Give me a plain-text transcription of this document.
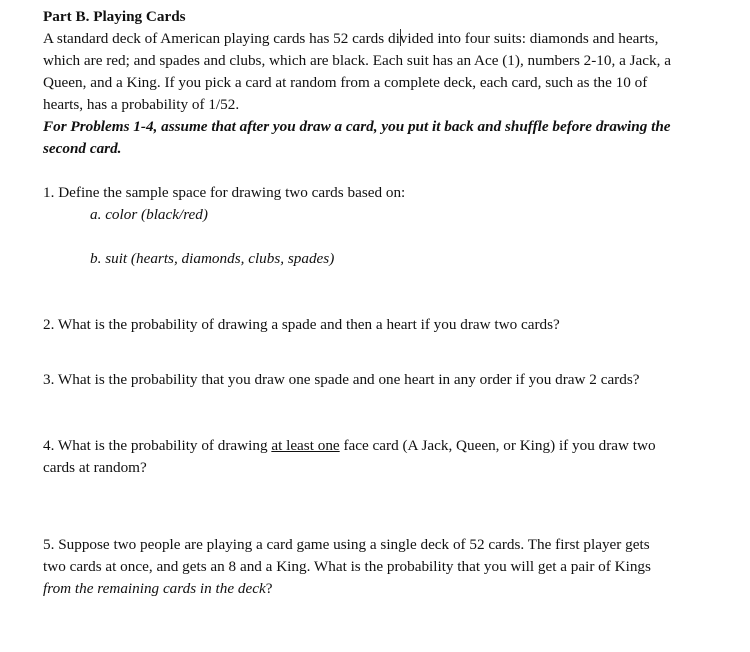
Part B. Playing Cards

A standard deck of American playing cards has 52 cards divided into four suits: diamonds and hearts, which are red; and spades and clubs, which are black. Each suit has an Ace (1), numbers 2-10, a Jack, a Queen, and a King. If you pick a card at random from a complete deck, each card, such as the 10 of hearts, has a probability of 1/52.

For Problems 1-4, assume that after you draw a card, you put it back and shuffle before drawing the second card.

1. Define the sample space for drawing two cards based on:

a. color (black/red)

b. suit (hearts, diamonds, clubs, spades)

2. What is the probability of drawing a spade and then a heart if you draw two cards?

3. What is the probability that you draw one spade and one heart in any order if you draw 2 cards?

4. What is the probability of drawing at least one face card (A Jack, Queen, or King) if you draw two cards at random?

5. Suppose two people are playing a card game using a single deck of 52 cards. The first player gets two cards at once, and gets an 8 and a King. What is the probability that you will get a pair of Kings from the remaining cards in the deck?
